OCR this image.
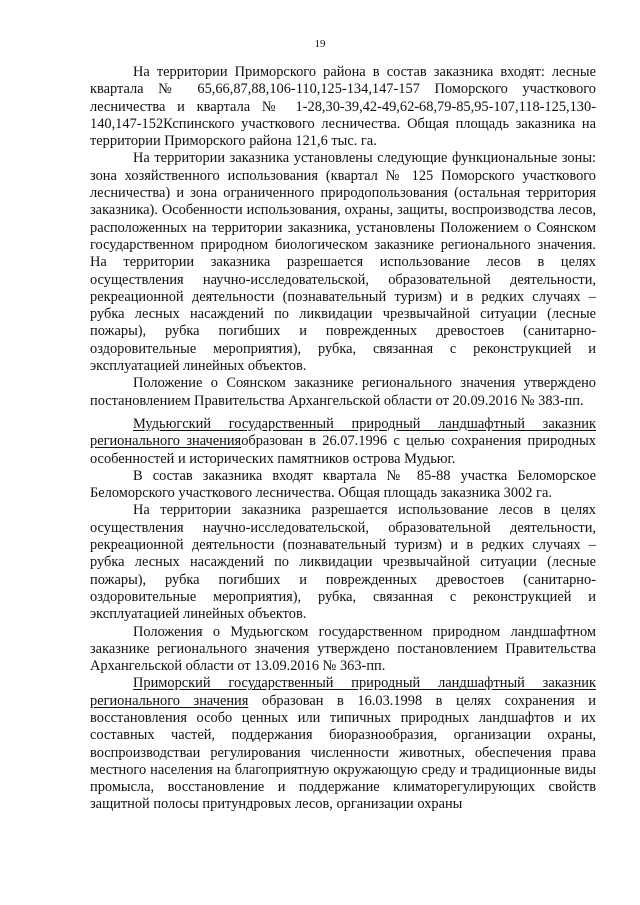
19

На территории Приморского района в состав заказника входят: лесные квартала № 65,66,87,88,106-110,125-134,147-157 Поморского участкового лесничества и квартала № 1-28,30-39,42-49,62-68,79-85,95-107,118-125,130-140,147-152Кспинского участкового лесничества. Общая площадь заказника на территории Приморского района 121,6 тыс. га.

На территории заказника установлены следующие функциональные зоны: зона хозяйственного использования (квартал № 125 Поморского участкового лесничества) и зона ограниченного природопользования (остальная территория заказника). Особенности использования, охраны, защиты, воспроизводства лесов, расположенных на территории заказника, установлены Положением о Соянском государственном природном биологическом заказнике регионального значения. На территории заказника разрешается использование лесов в целях осуществления научно-исследовательской, образовательной деятельности, рекреационной деятельности (познавательный туризм) и в редких случаях – рубка лесных насаждений по ликвидации чрезвычайной ситуации (лесные пожары), рубка погибших и поврежденных древостоев (санитарно-оздоровительные мероприятия), рубка, связанная с реконструкцией и эксплуатацией линейных объектов.

Положение о Соянском заказнике регионального значения утверждено постановлением Правительства Архангельской области от 20.09.2016 № 383-пп.

Мудьюгский государственный природный ландшафтный заказник регионального значенияобразован в 26.07.1996 с целью сохранения природных особенностей и исторических памятников острова Мудьюг.

В состав заказника входят квартала № 85-88 участка Беломорское Беломорского участкового лесничества. Общая площадь заказника 3002 га.

На территории заказника разрешается использование лесов в целях осуществления научно-исследовательской, образовательной деятельности, рекреационной деятельности (познавательный туризм) и в редких случаях – рубка лесных насаждений по ликвидации чрезвычайной ситуации (лесные пожары), рубка погибших и поврежденных древостоев (санитарно-оздоровительные мероприятия), рубка, связанная с реконструкцией и эксплуатацией линейных объектов.

Положения о Мудьюгском государственном природном ландшафтном заказнике регионального значения утверждено постановлением Правительства Архангельской области от 13.09.2016 № 363-пп.

Приморский государственный природный ландшафтный заказник регионального значения образован в 16.03.1998 в целях сохранения и восстановления особо ценных или типичных природных ландшафтов и их составных частей, поддержания биоразнообразия, организации охраны, воспроизводстваи регулирования численности животных, обеспечения права местного населения на благоприятную окружающую среду и традиционные виды промысла, восстановление и поддержание климаторегулирующих свойств защитной полосы притундровых лесов, организации охраны
